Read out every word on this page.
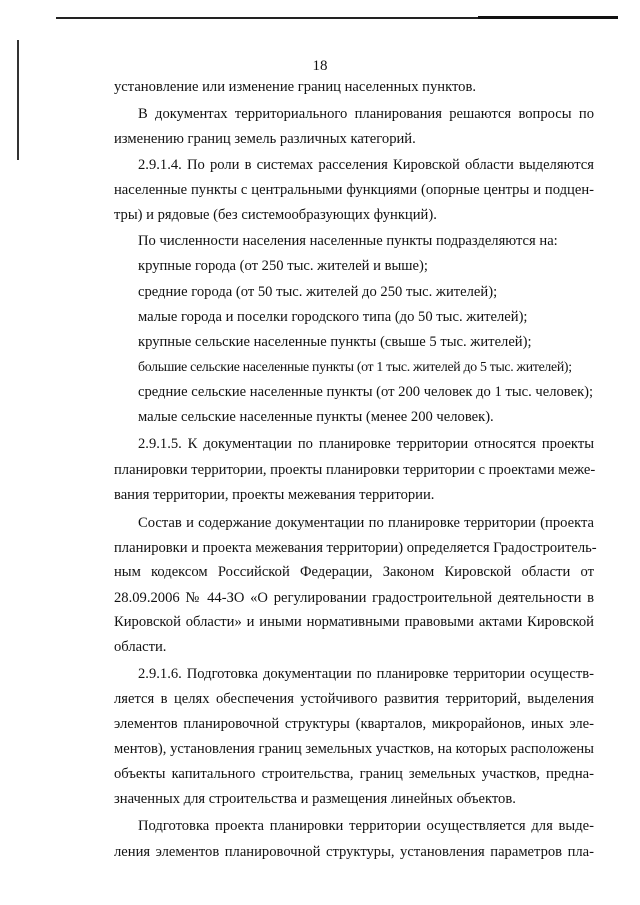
18
установление или изменение границ населенных пунктов.
В документах территориального планирования решаются вопросы по
изменению границ земель различных категорий.
2.9.1.4. По роли в системах расселения Кировской области выделяются
населенные пункты с центральными функциями (опорные центры и подцен-
тры) и рядовые (без системообразующих функций).
По численности населения населенные пункты подразделяются на:
крупные города (от 250 тыс. жителей и выше);
средние города (от 50 тыс. жителей до 250 тыс. жителей);
малые города и поселки городского типа (до 50 тыс. жителей);
крупные сельские населенные пункты (свыше 5 тыс. жителей);
большие сельские населенные пункты (от 1 тыс. жителей до 5 тыс. жителей);
средние сельские населенные пункты (от 200 человек до 1 тыс. человек);
малые сельские населенные пункты (менее 200 человек).
2.9.1.5. К документации по планировке территории относятся проекты
планировки территории, проекты планировки территории с проектами меже-
вания территории, проекты межевания территории.
Состав и содержание документации по планировке территории (проекта
планировки и проекта межевания территории) определяется Градостроитель-
ным кодексом Российской Федерации, Законом Кировской области от
28.09.2006 № 44-ЗО «О регулировании градостроительной деятельности в
Кировской области» и иными нормативными правовыми актами Кировской
области.
2.9.1.6. Подготовка документации по планировке территории осуществ-
ляется в целях обеспечения устойчивого развития территорий, выделения
элементов планировочной структуры (кварталов, микрорайонов, иных эле-
ментов), установления границ земельных участков, на которых расположены
объекты капитального строительства, границ земельных участков, предна-
значенных для строительства и размещения линейных объектов.
Подготовка проекта планировки территории осуществляется для выде-
ления элементов планировочной структуры, установления параметров пла-
